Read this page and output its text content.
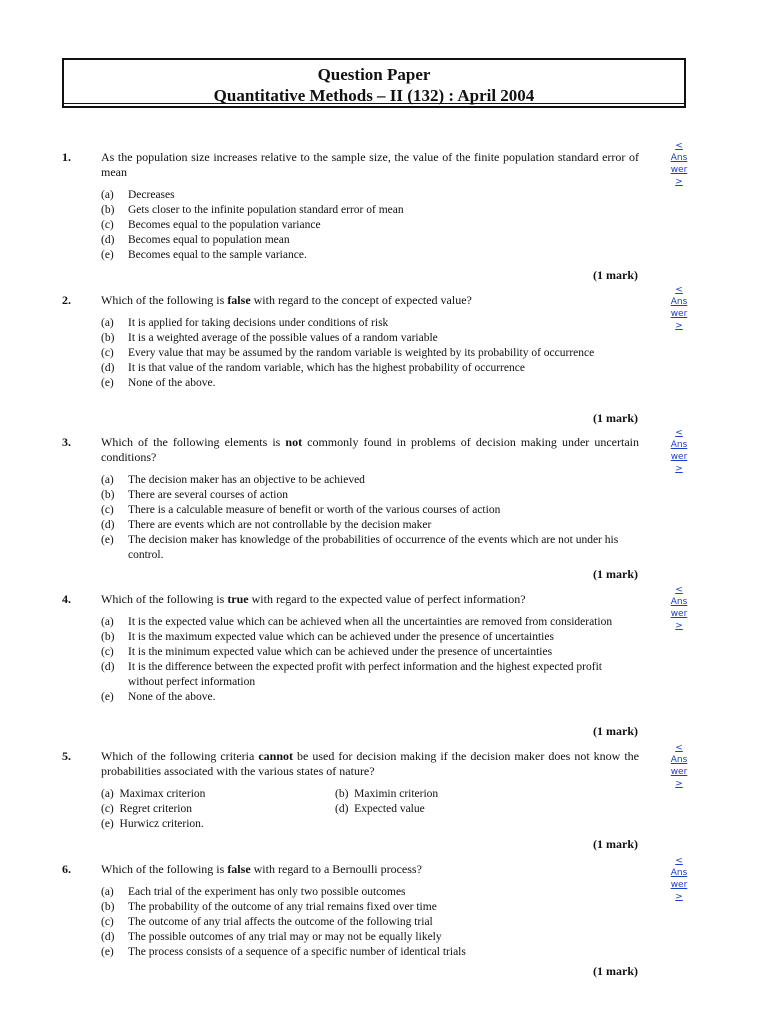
Question Paper
Quantitative Methods – II (132) : April 2004
1.	As the population size increases relative to the sample size, the value of the finite population standard error of mean
(a) Decreases
(b) Gets closer to the infinite population standard error of mean
(c) Becomes equal to the population variance
(d) Becomes equal to population mean
(e) Becomes equal to the sample variance.
(1 mark)
<
Ans
wer
>
2.	Which of the following is false with regard to the concept of expected value?
(a) It is applied for taking decisions under conditions of risk
(b) It is a weighted average of the possible values of a random variable
(c) Every value that may be assumed by the random variable is weighted by its probability of occurrence
(d) It is that value of the random variable, which has the highest probability of occurrence
(e) None of the above.
(1 mark)
<
Ans
wer
>
3.	Which of the following elements is not commonly found in problems of decision making under uncertain conditions?
(a) The decision maker has an objective to be achieved
(b) There are several courses of action
(c) There is a calculable measure of benefit or worth of the various courses of action
(d) There are events which are not controllable by the decision maker
(e) The decision maker has knowledge of the probabilities of occurrence of the events which are not under his control.
(1 mark)
<
Ans
wer
>
4.	Which of the following is true with regard to the expected value of perfect information?
(a) It is the expected value which can be achieved when all the uncertainties are removed from consideration
(b) It is the maximum expected value which can be achieved under the presence of uncertainties
(c) It is the minimum expected value which can be achieved under the presence of uncertainties
(d) It is the difference between the expected profit with perfect information and the highest expected profit without perfect information
(e) None of the above.
(1 mark)
<
Ans
wer
>
5.	Which of the following criteria cannot be used for decision making if the decision maker does not know the probabilities associated with the various states of nature?
(a) Maximax criterion	(b) Maximin criterion
(c) Regret criterion	(d) Expected value
(e) Hurwicz criterion.
(1 mark)
<
Ans
wer
>
6.	Which of the following is false with regard to a Bernoulli process?
(a) Each trial of the experiment has only two possible outcomes
(b) The probability of the outcome of any trial remains fixed over time
(c) The outcome of any trial affects the outcome of the following trial
(d) The possible outcomes of any trial may or may not be equally likely
(e) The process consists of a sequence of a specific number of identical trials
(1 mark)
<
Ans
wer
>
